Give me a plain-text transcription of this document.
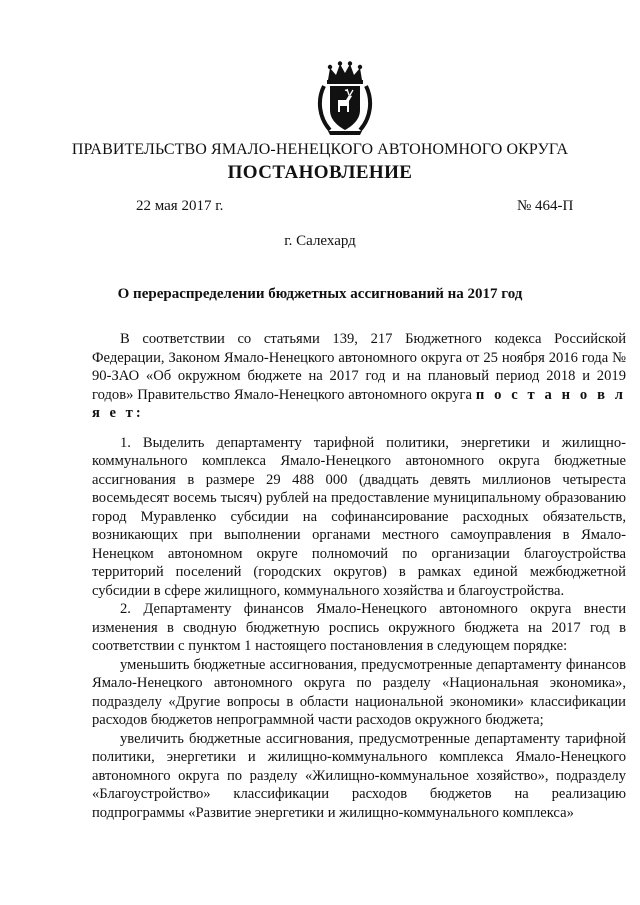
ПРАВИТЕЛЬСТВО ЯМАЛО-НЕНЕЦКОГО АВТОНОМНОГО ОКРУГА
ПОСТАНОВЛЕНИЕ
22 мая 2017 г.	№ 464-П
г. Салехард
О перераспределении бюджетных ассигнований на 2017 год

В соответствии со статьями 139, 217 Бюджетного кодекса Российской Федерации, Законом Ямало-Ненецкого автономного округа от 25 ноября 2016 года № 90-ЗАО «Об окружном бюджете на 2017 год и на плановый период 2018 и 2019 годов» Правительство Ямало-Ненецкого автономного округа п о с т а н о в л я е т:

1. Выделить департаменту тарифной политики, энергетики и жилищно-коммунального комплекса Ямало-Ненецкого автономного округа бюджетные ассигнования в размере 29 488 000 (двадцать девять миллионов четыреста восемьдесят восемь тысяч) рублей на предоставление муниципальному образованию город Муравленко субсидии на софинансирование расходных обязательств, возникающих при выполнении органами местного самоуправления в Ямало-Ненецком автономном округе полномочий по организации благоустройства территорий поселений (городских округов) в рамках единой межбюджетной субсидии в сфере жилищного, коммунального хозяйства и благоустройства.

2. Департаменту финансов Ямало-Ненецкого автономного округа внести изменения в сводную бюджетную роспись окружного бюджета на 2017 год в соответствии с пунктом 1 настоящего постановления в следующем порядке:

уменьшить бюджетные ассигнования, предусмотренные департаменту финансов Ямало-Ненецкого автономного округа по разделу «Национальная экономика», подразделу «Другие вопросы в области национальной экономики» классификации расходов бюджетов непрограммной части расходов окружного бюджета;

увеличить бюджетные ассигнования, предусмотренные департаменту тарифной политики, энергетики и жилищно-коммунального комплекса Ямало-Ненецкого автономного округа по разделу «Жилищно-коммунальное хозяйство», подразделу «Благоустройство» классификации расходов бюджетов на реализацию подпрограммы «Развитие энергетики и жилищно-коммунального комплекса»
